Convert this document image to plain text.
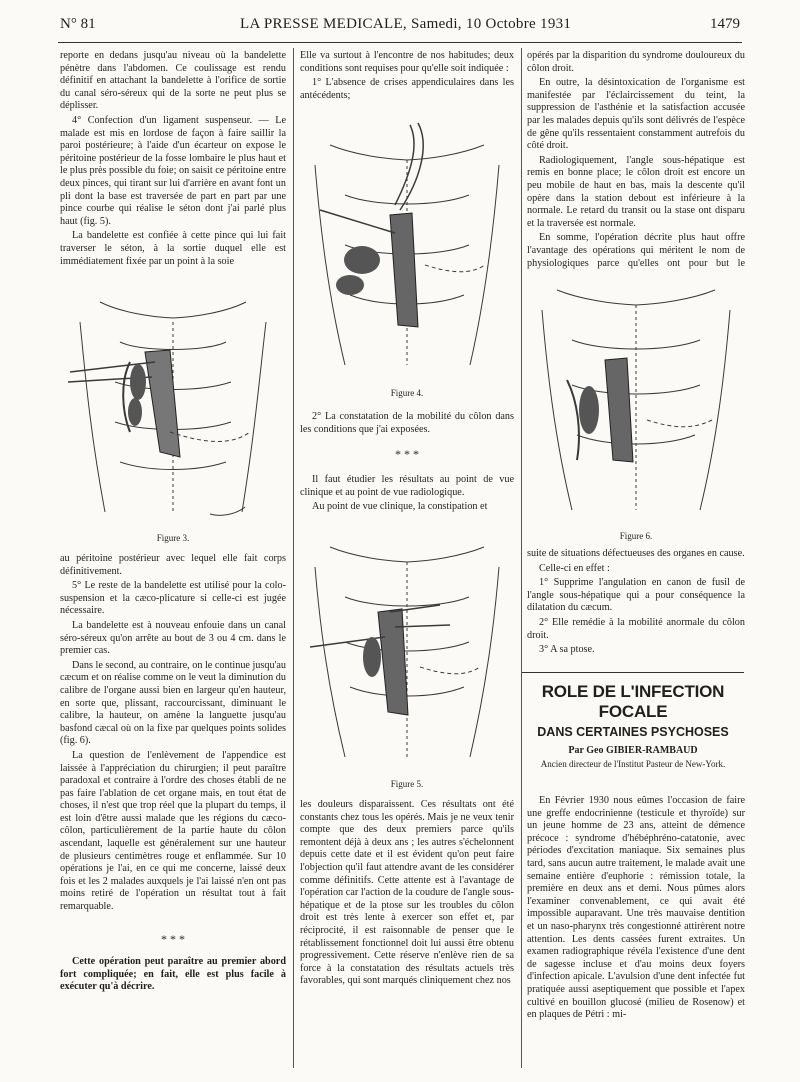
N° 81	LA PRESSE MEDICALE, Samedi, 10 Octobre 1931	1479

reporte en dedans jusqu'au niveau où la bandelette pénètre dans l'abdomen. Ce coulissage est rendu définitif en attachant la bandelette à l'orifice de sortie du canal séro-séreux qui de la sorte ne peut plus se déplisser.

4° Confection d'un ligament suspenseur. — Le malade est mis en lordose de façon à faire saillir la paroi postérieure; à l'aide d'un écarteur on expose le péritoine postérieur de la fosse lombaire le plus haut et le plus près possible du foie; on saisit ce péritoine entre deux pinces, qui tirant sur lui d'arrière en avant font un pli dont la base est traversée de part en part par une pince courbe qui réalise le séton dont j'ai parlé plus haut (fig. 5).

La bandelette est confiée à cette pince qui lui fait traverser le séton, à la sortie duquel elle est immédiatement fixée par un point à la soie

Figure 3.

au péritoine postérieur avec lequel elle fait corps définitivement.

5° Le reste de la bandelette est utilisé pour la colo-suspension et la cæco-plicature si celle-ci est jugée nécessaire.

La bandelette est à nouveau enfouie dans un canal séro-séreux qu'on arrête au bout de 3 ou 4 cm. dans le premier cas.

Dans le second, au contraire, on le continue jusqu'au cæcum et on réalise comme on le veut la diminution du calibre de l'organe aussi bien en largeur qu'en hauteur, en sorte que, plissant, raccourcissant, diminuant le calibre, la hauteur, on amène la languette jusqu'au basfond cæcal où on la fixe par quelques points solides (fig. 6).

La question de l'enlèvement de l'appendice est laissée à l'appréciation du chirurgien; il peut paraître paradoxal et contraire à l'ordre des choses établi de ne pas faire l'ablation de cet organe mais, en tout état de choses, il n'est que trop réel que la plupart du temps, il est loin d'être aussi malade que les régions du cæco-côlon, particulièrement de la partie haute du côlon ascendant, laquelle est généralement sur une hauteur de plusieurs centimètres rouge et enflammée. Sur 10 opérations je l'ai, en ce qui me concerne, laissé deux fois et les 2 malades auxquels je l'ai laissé n'en ont pas moins retiré de l'opération un résultat tout à fait remarquable.

* * *

Cette opération peut paraître au premier abord fort compliquée; en fait, elle est plus facile à exécuter qu'à décrire.

Elle va surtout à l'encontre de nos habitudes; deux conditions sont requises pour qu'elle soit indiquée :

1° L'absence de crises appendiculaires dans les antécédents;

Figure 4.

2° La constatation de la mobilité du côlon dans les conditions que j'ai exposées.

* * *

Il faut étudier les résultats au point de vue clinique et au point de vue radiologique.

Au point de vue clinique, la constipation et

Figure 5.

les douleurs disparaissent. Ces résultats ont été constants chez tous les opérés. Mais je ne veux tenir compte que des deux premiers parce qu'ils remontent déjà à deux ans ; les autres s'échelonnent depuis cette date et il est évident qu'on peut faire l'objection qu'il faut attendre avant de les considérer comme définitifs. Cette attente est à l'avantage de l'opération car l'action de la coudure de l'angle sous-hépatique et de la ptose sur les troubles du côlon droit est très lente à exercer son effet et, par réciprocité, il est raisonnable de penser que le rétablissement fonctionnel doit lui aussi être obtenu progressivement. Cette réserve n'enlève rien de sa force à la constatation des résultats actuels très favorables, qui sont marqués cliniquement chez nos

opérés par la disparition du syndrome douloureux du côlon droit.

En outre, la désintoxication de l'organisme est manifestée par l'éclaircissement du teint, la suppression de l'asthénie et la satisfaction accusée par les malades depuis qu'ils sont délivrés de l'espèce de gêne qu'ils ressentaient constamment autrefois du côté droit.

Radiologiquement, l'angle sous-hépatique est remis en bonne place; le côlon droit est encore un peu mobile de haut en bas, mais la descente qu'il opère dans la station debout est inférieure à la normale. Le retard du transit ou la stase ont disparu et la traversée est normale.

En somme, l'opération décrite plus haut offre l'avantage des opérations qui méritent le nom de physiologiques parce qu'elles ont pour but le

Figure 6.

suite de situations défectueuses des organes en cause.

Celle-ci en effet :

1° Supprime l'angulation en canon de fusil de l'angle sous-hépatique qui a pour conséquence la dilatation du cæcum.

2° Elle remédie à la mobilité anormale du côlon droit.

3° A sa ptose.

ROLE DE L'INFECTION FOCALE
DANS CERTAINES PSYCHOSES
Par Geo GIBIER-RAMBAUD
Ancien directeur de l'Institut Pasteur de New-York.

En Février 1930 nous eûmes l'occasion de faire une greffe endocrinienne (testicule et thyroïde) sur un jeune homme de 23 ans, atteint de démence précoce : syndrome d'hébéphréno-catatonie, avec périodes d'excitation maniaque. Six semaines plus tard, sans aucun autre traitement, le malade avait une semaine entière d'euphorie : rémission totale, la première en deux ans et demi. Nous pûmes alors l'examiner convenablement, ce qui avait été impossible auparavant. Une très mauvaise dentition et un naso-pharynx très congestionné attirèrent notre attention. Les dents cassées furent extraites. Un examen radiographique révéla l'existence d'une dent de sagesse incluse et d'au moins deux foyers d'infection apicale. L'avulsion d'une dent infectée fut pratiquée aussi aseptiquement que possible et l'apex cultivé en bouillon glucosé (milieu de Rosenow) et en plaques de Pétri : mi-
